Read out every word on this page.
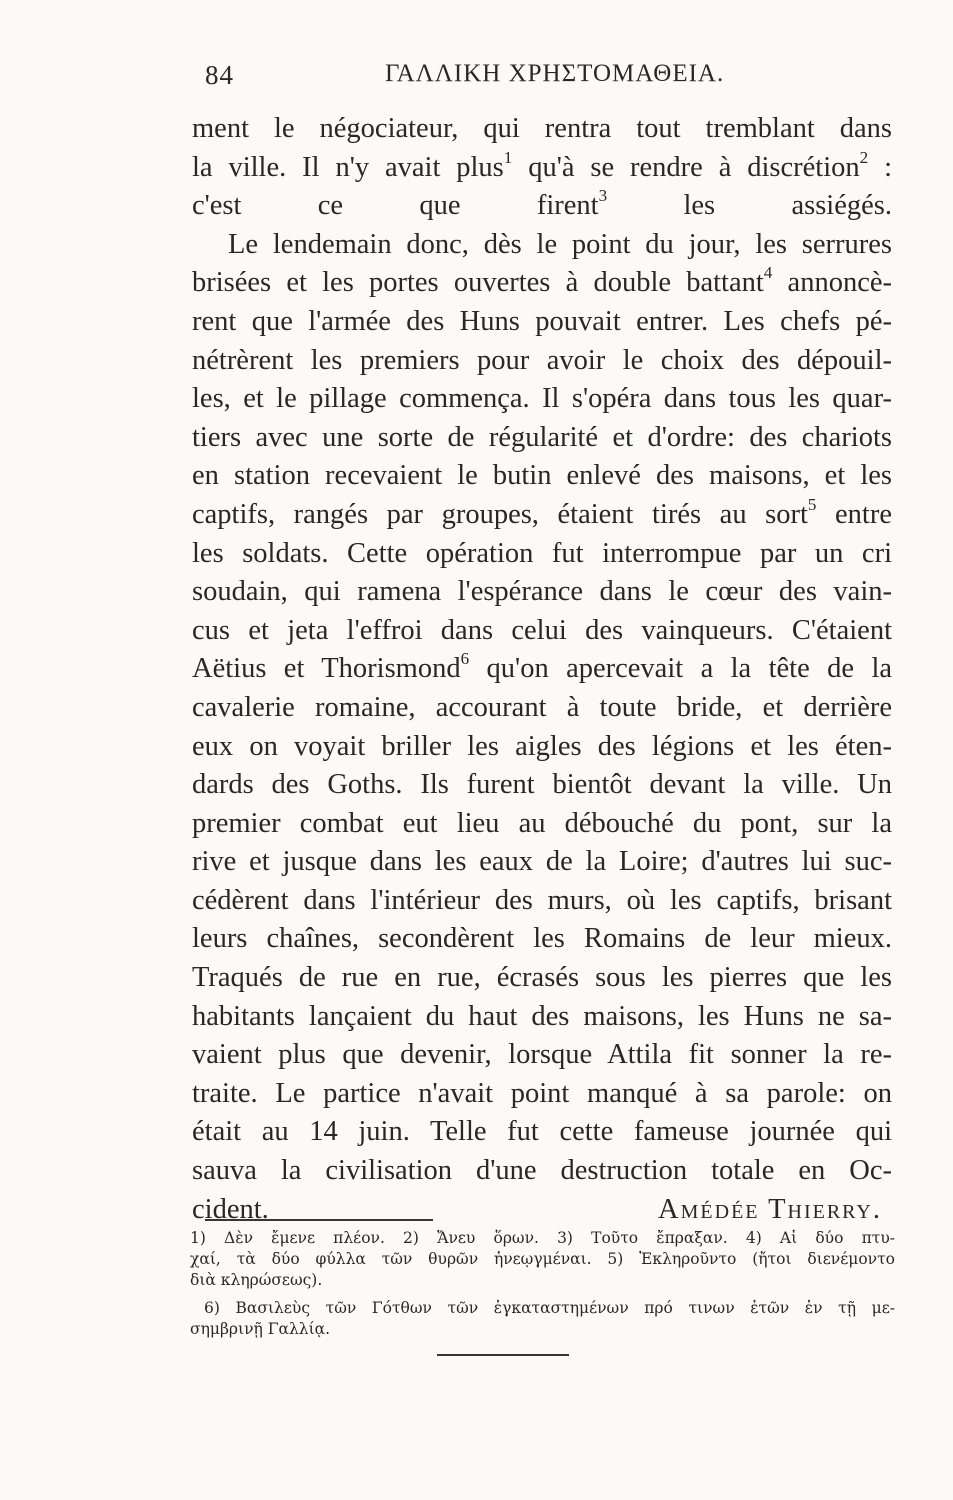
84	ΓΑΛΛΙΚΗ ΧΡΗΣΤΟΜΑΘΕΙΑ.
ment le négociateur, qui rentra tout tremblant dans
la ville. Il n'y avait plus$^1$ qu'à se rendre à discrétion$^2$ :
c'est ce que firent$^3$ les assiégés.
Le lendemain donc, dès le point du jour, les serrures
brisées et les portes ouvertes à double battant$^4$ annoncè-
rent que l'armée des Huns pouvait entrer. Les chefs pé-
nétrèrent les premiers pour avoir le choix des dépouil-
les, et le pillage commença. Il s'opéra dans tous les quar-
tiers avec une sorte de régularité et d'ordre: des chariots
en station recevaient le butin enlevé des maisons, et les
captifs, rangés par groupes, étaient tirés au sort$^5$ entre
les soldats. Cette opération fut interrompue par un cri
soudain, qui ramena l'espérance dans le cœur des vain-
cus et jeta l'effroi dans celui des vainqueurs. C'étaient
Aëtius et Thorismond$^6$ qu'on apercevait a la tête de la
cavalerie romaine, accourant à toute bride, et derrière
eux on voyait briller les aigles des légions et les éten-
dards des Goths. Ils furent bientôt devant la ville. Un
premier combat eut lieu au débouché du pont, sur la
rive et jusque dans les eaux de la Loire; d'autres lui suc-
cédèrent dans l'intérieur des murs, où les captifs, brisant
leurs chaînes, secondèrent les Romains de leur mieux.
Traqués de rue en rue, écrasés sous les pierres que les
habitants lançaient du haut des maisons, les Huns ne sa-
vaient plus que devenir, lorsque Attila fit sonner la re-
traite. Le partice n'avait point manqué à sa parole: on
était au 14 juin. Telle fut cette fameuse journée qui
sauva la civilisation d'une destruction totale en Oc-
cident.	Amédée Thierry.
1) Δὲν ἔμενε πλέον. 2) Ἄνευ ὅρων. 3) Τοῦτο ἔπραξαν. 4) Αἱ δύο πτυ-
χαί, τὰ δύο φύλλα τῶν θυρῶν ἠνεῳγμέναι. 5) Ἐκληροῦντο (ἤτοι διενέμοντο
διὰ κληρώσεως).
6) Βασιλεὺς τῶν Γότθων τῶν ἐγκαταστημένων πρό τινων ἐτῶν ἐν τῇ με-
σημβρινῇ Γαλλίᾳ.
